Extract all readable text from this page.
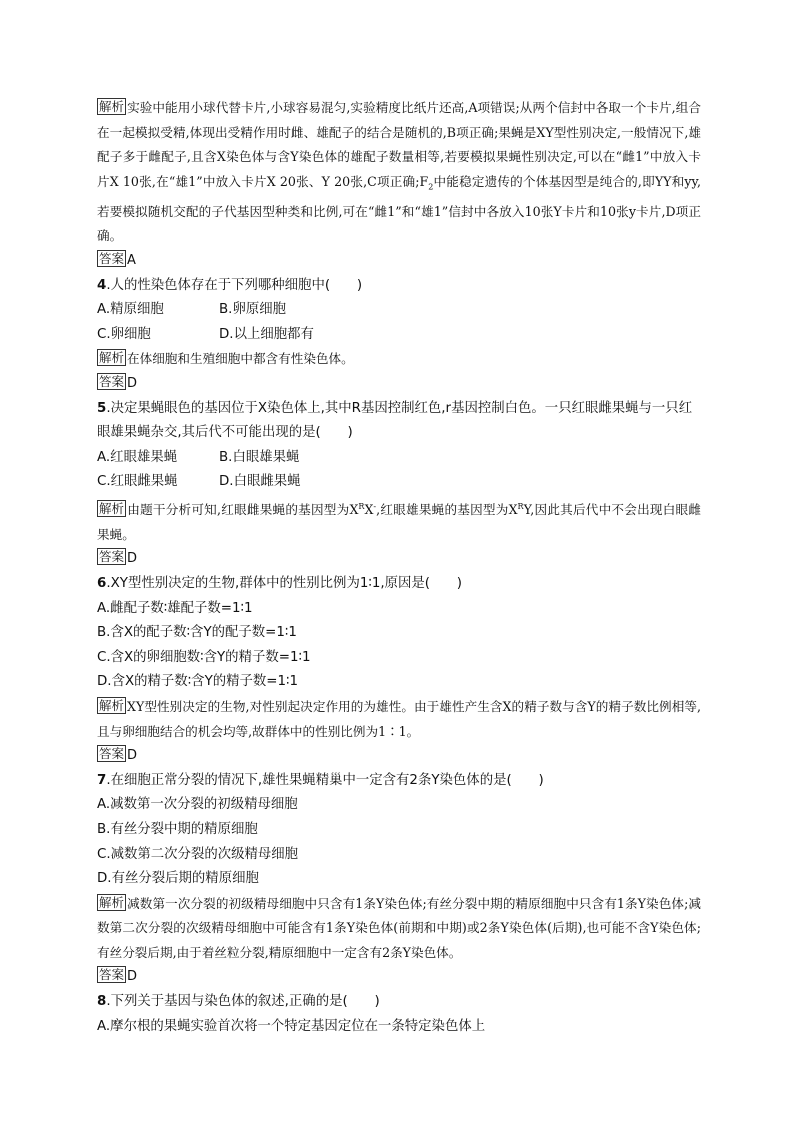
解析 实验中能用小球代替卡片,小球容易混匀,实验精度比纸片还高,A项错误;从两个信封中各取一个卡片,组合在一起模拟受精,体现出受精作用时雌、雄配子的结合是随机的,B项正确;果蝇是XY型性别决定,一般情况下,雄配子多于雌配子,且含X染色体与含Y染色体的雄配子数量相等,若要模拟果蝇性别决定,可以在“雌1”中放入卡片X 10张,在“雄1”中放入卡片X 20张、Y 20张,C项正确$;F_2$中能稳定遗传的个体基因型是纯合的,即YY和yy,若要模拟随机交配的子代基因型种类和比例,可在“雌1”和“雄1”信封中各放入10张Y卡片和10张y卡片,D项正确。

答案 A

4.人的性染色体存在于下列哪种细胞中(　　)

A.精原细胞	B.卵原细胞

C.卵细胞	D.以上细胞都有

解析 在体细胞和生殖细胞中都含有性染色体。

答案 D

5.决定果蝇眼色的基因位于X染色体上,其中R基因控制红色,r基因控制白色。一只红眼雌果蝇与一只红眼雄果蝇杂交,其后代不可能出现的是(　　)

A.红眼雄果蝇	B.白眼雄果蝇

C.红眼雌果蝇	D.白眼雌果蝇

解析 由题干分析可知,红眼雌果蝇的基因型为$X^RX^-$,红眼雄果蝇的基因型为$X^RY$,因此其后代中不会出现白眼雌果蝇。

答案 D

6.XY型性别决定的生物,群体中的性别比例为1∶1,原因是(　　)

A.雌配子数∶雄配子数=1∶1

B.含X的配子数∶含Y的配子数=1∶1

C.含X的卵细胞数∶含Y的精子数=1∶1

D.含X的精子数∶含Y的精子数=1∶1

解析 XY型性别决定的生物,对性别起决定作用的为雄性。由于雄性产生含X的精子数与含Y的精子数比例相等,且与卵细胞结合的机会均等,故群体中的性别比例为1∶1。

答案 D

7.在细胞正常分裂的情况下,雄性果蝇精巢中一定含有2条Y染色体的是(　　)

A.减数第一次分裂的初级精母细胞

B.有丝分裂中期的精原细胞

C.减数第二次分裂的次级精母细胞

D.有丝分裂后期的精原细胞

解析 减数第一次分裂的初级精母细胞中只含有1条Y染色体;有丝分裂中期的精原细胞中只含有1条Y染色体;减数第二次分裂的次级精母细胞中可能含有1条Y染色体(前期和中期)或2条Y染色体(后期),也可能不含Y染色体;有丝分裂后期,由于着丝粒分裂,精原细胞中一定含有2条Y染色体。

答案 D

8.下列关于基因与染色体的叙述,正确的是(　　)

A.摩尔根的果蝇实验首次将一个特定基因定位在一条特定染色体上
